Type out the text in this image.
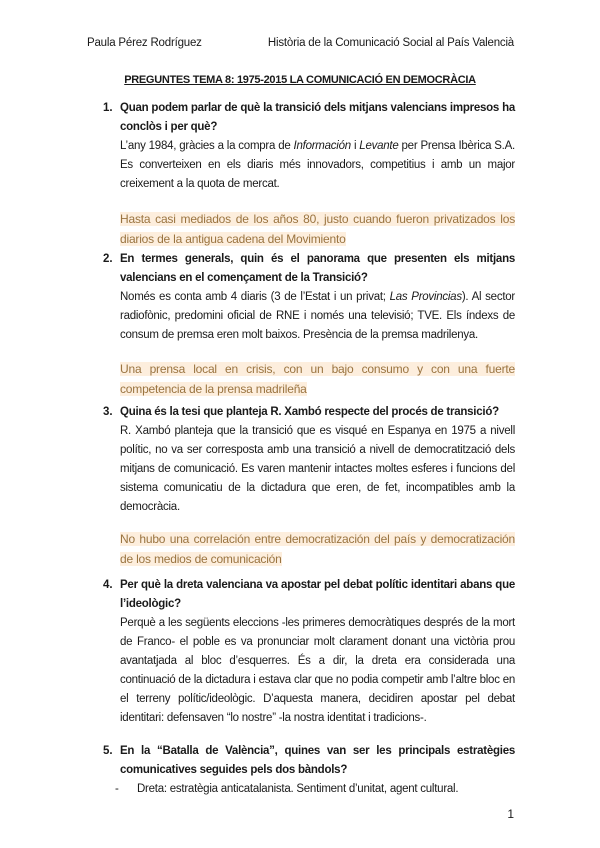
Paula Pérez Rodríguez	Història de la Comunicació Social al País Valencià
PREGUNTES TEMA 8: 1975-2015 LA COMUNICACIÓ EN DEMOCRÀCIA
1. Quan podem parlar de què la transició dels mitjans valencians impresos ha conclòs i per què?
L’any 1984, gràcies a la compra de Información i Levante per Prensa Ibèrica S.A. Es converteixen en els diaris més innovadors, competitius i amb un major creixement a la quota de mercat.
Hasta casi mediados de los años 80, justo cuando fueron privatizados los diarios de la antigua cadena del Movimiento
2. En termes generals, quin és el panorama que presenten els mitjans valencians en el començament de la Transició?
Només es conta amb 4 diaris (3 de l’Estat i un privat; Las Provincias). Al sector radiofònic, predomini oficial de RNE i només una televisió; TVE. Els índexs de consum de premsa eren molt baixos. Presència de la premsa madrilenya.
Una prensa local en crisis, con un bajo consumo y con una fuerte competencia de la prensa madrileña
3. Quina és la tesi que planteja R. Xambó respecte del procés de transició?
R. Xambó planteja que la transició que es visqué en Espanya en 1975 a nivell polític, no va ser corresposta amb una transició a nivell de democratització dels mitjans de comunicació. Es varen mantenir intactes moltes esferes i funcions del sistema comunicatiu de la dictadura que eren, de fet, incompatibles amb la democràcia.
No hubo una correlación entre democratización del país y democratización de los medios de comunicación
4. Per què la dreta valenciana va apostar pel debat polític identitari abans que l’ideològic?
Perquè a les següents eleccions -les primeres democràtiques després de la mort de Franco- el poble es va pronunciar molt clarament donant una victòria prou avantatjada al bloc d’esquerres. És a dir, la dreta era considerada una continuació de la dictadura i estava clar que no podia competir amb l’altre bloc en el terreny polític/ideològic. D’aquesta manera, decidiren apostar pel debat identitari: defensaven “lo nostre” -la nostra identitat i tradicions-.
5. En la “Batalla de València”, quines van ser les principals estratègies comunicatives seguides pels dos bàndols?
- Dreta: estratègia anticatalanista. Sentiment d’unitat, agent cultural.
1
